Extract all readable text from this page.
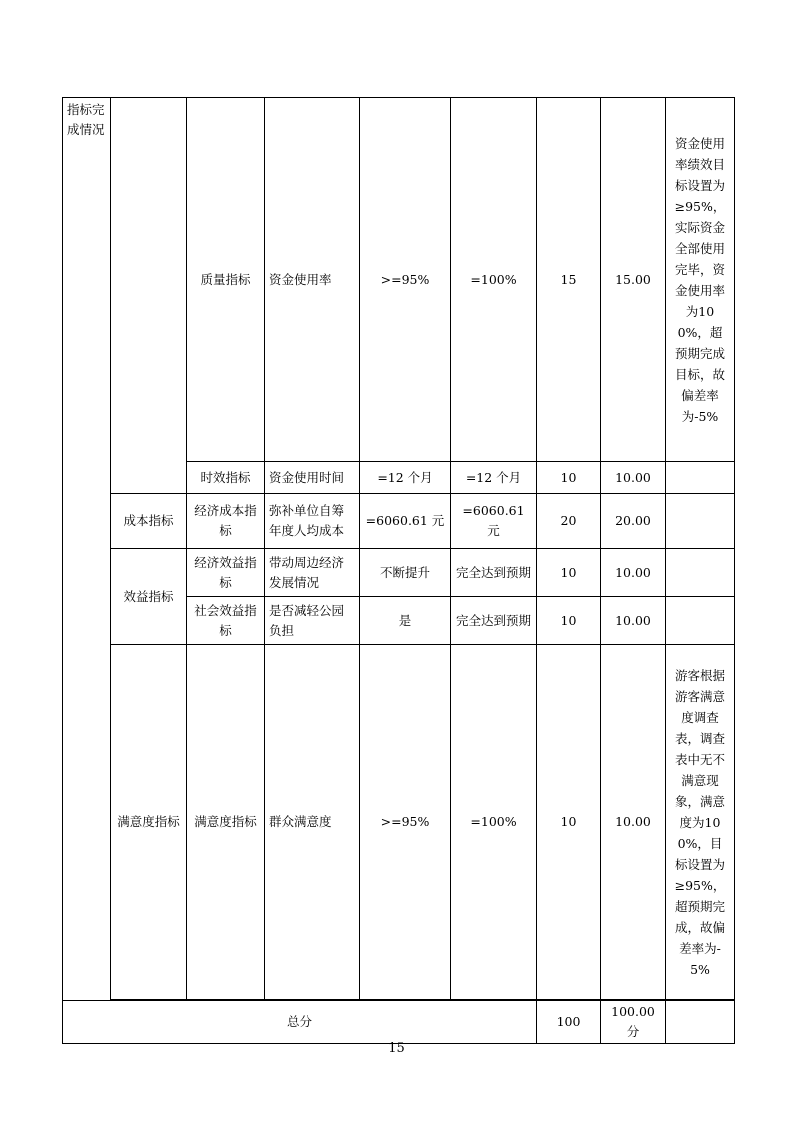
指标完成情况		质量指标	资金使用率	>=95%	=100%	15	15.00	资金使用率绩效目标设置为≥95%，实际资金全部使用完毕，资金使用率为100%，超预期完成目标，故偏差率为-5%
		时效指标	资金使用时间	=12 个月	=12 个月	10	10.00	
	成本指标	经济成本指标	弥补单位自筹年度人均成本	=6060.61 元	=6060.61 元	20	20.00	
	效益指标	经济效益指标	带动周边经济发展情况	不断提升	完全达到预期	10	10.00	
		社会效益指标	是否减轻公园负担	是	完全达到预期	10	10.00	
	满意度指标	满意度指标	群众满意度	>=95%	=100%	10	10.00	游客根据游客满意度调查表，调查表中无不满意现象，满意度为100%，目标设置为≥95%，超预期完成，故偏差率为-5%

总分						100	100.00分	
15
